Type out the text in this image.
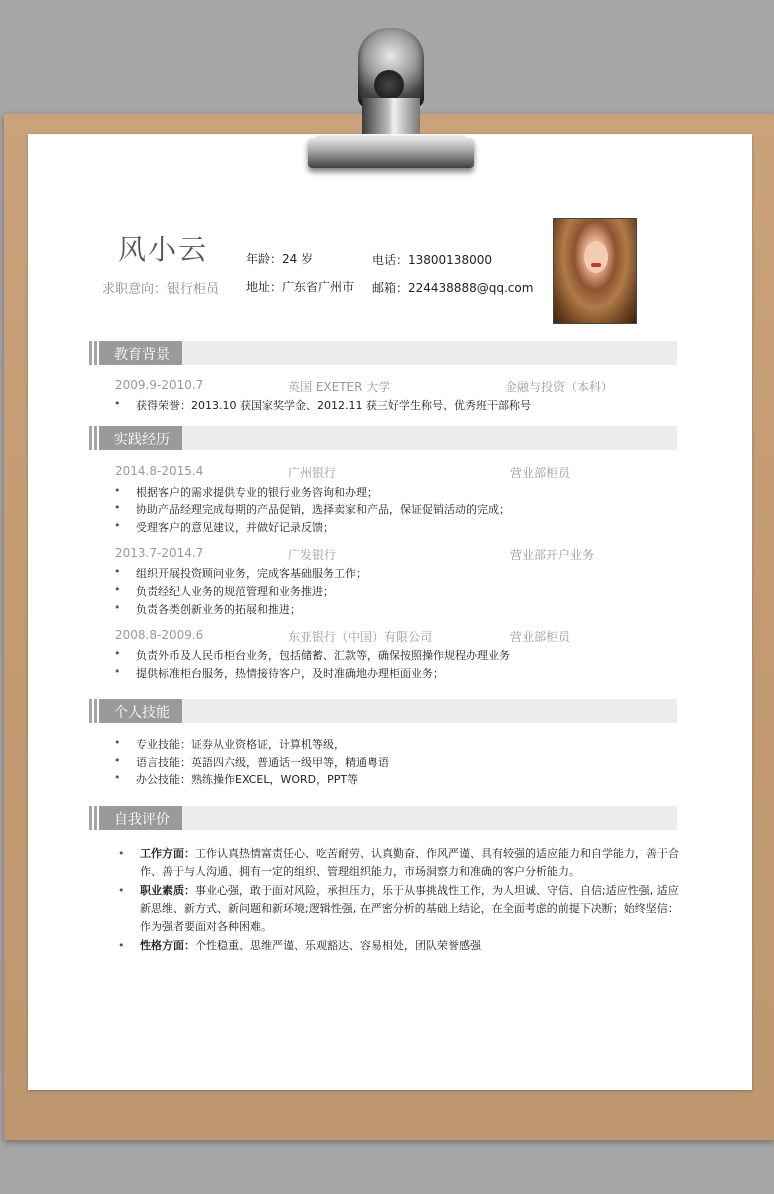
风小云
求职意向：银行柜员
年龄：24 岁	电话：13800138000
地址：广东省广州市 邮箱：224438888@qq.com
教育背景
2009.9-2010.7	英国 EXETER 大学	金融与投资（本科）
• 获得荣誉：2013.10 获国家奖学金、2012.11 获三好学生称号、优秀班干部称号
实践经历
2014.8-2015.4	广州银行	营业部柜员
• 根据客户的需求提供专业的银行业务咨询和办理；
• 协助产品经理完成每期的产品促销，选择卖家和产品，保证促销活动的完成；
• 受理客户的意见建议，并做好记录反馈；
2013.7-2014.7	广发银行	营业部开户业务
• 组织开展投资顾问业务，完成客基础服务工作；
• 负责经纪人业务的规范管理和业务推进；
• 负责各类创新业务的拓展和推进；
2008.8-2009.6	东亚银行（中国）有限公司	营业部柜员
• 负责外币及人民币柜台业务，包括储蓄、汇款等，确保按照操作规程办理业务
• 提供标准柜台服务，热情接待客户，及时准确地办理柜面业务；
个人技能
• 专业技能：证券从业资格证，计算机等级，
• 语言技能：英語四六级，普通话一级甲等，精通粤语
• 办公技能：熟练操作EXCEL，WORD，PPT等
自我评价
• 工作方面：工作认真热情富责任心、吃苦耐劳、认真勤奋、作风严谨、具有较强的适应能力和自学能力，善于合作、善于与人沟通、拥有一定的组织、管理组织能力，市场洞察力和准确的客户分析能力。
• 职业素质：事业心强，敢于面对风险，承担压力，乐于从事挑战性工作，为人坦诚、守信、自信;适应性强, 适应新思维、新方式、新问题和新环境;逻辑性强, 在严密分析的基础上结论，在全面考虑的前提下决断；始终坚信：作为强者要面对各种困难。
• 性格方面：个性稳重、思维严谨、乐观豁达、容易相处，团队荣誉感强
